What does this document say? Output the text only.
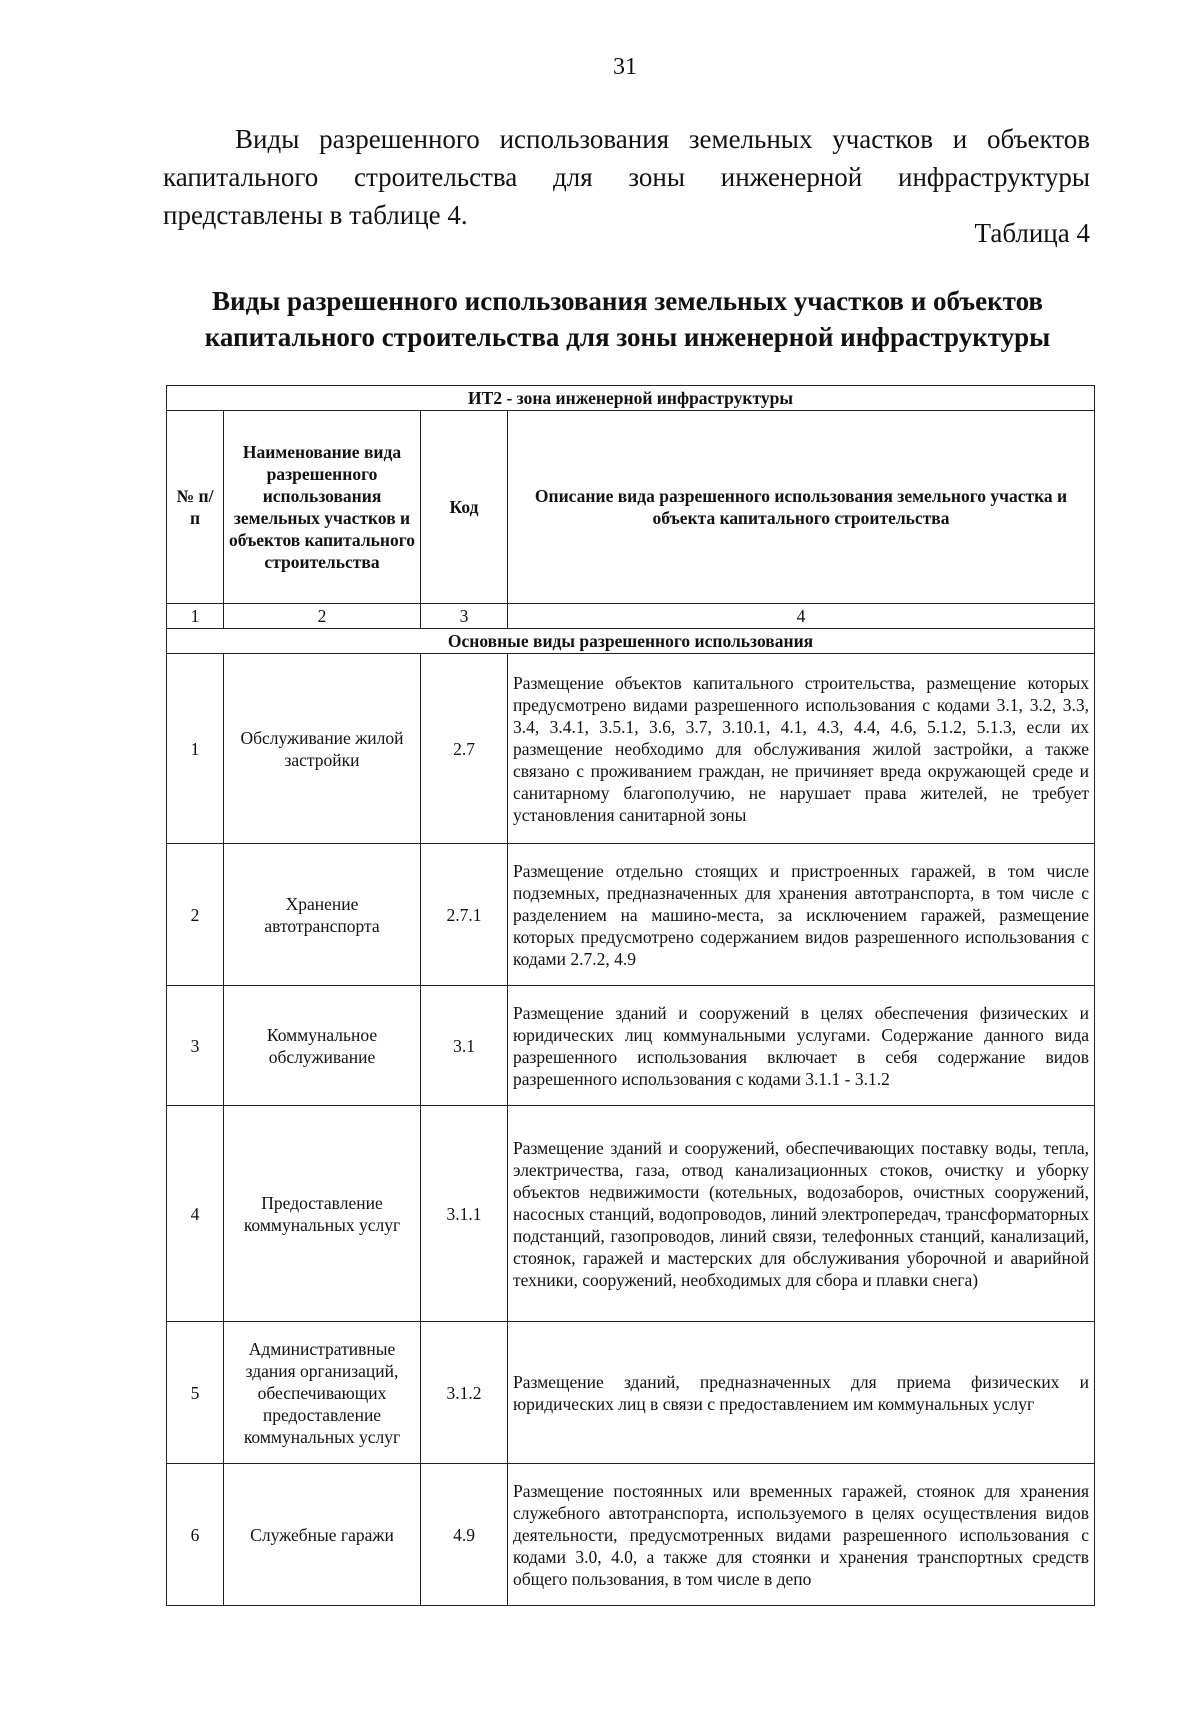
31

Виды разрешенного использования земельных участков и объектов капитального строительства для зоны инженерной инфраструктуры представлены в таблице 4.

Таблица 4
Виды разрешенного использования земельных участков и объектов капитального строительства для зоны инженерной инфраструктуры
ИТ2 - зона инженерной инфраструктуры			
№ п/п	Наименование вида разрешенного использования земельных участков и объектов капитального строительства	Код	Описание вида разрешенного использования земельного участка и объекта капитального строительства
1	2	3	4
Основные виды разрешенного использования			
1	Обслуживание жилой застройки	2.7	Размещение объектов капитального строительства, размещение которых предусмотрено видами разрешенного использования с кодами 3.1, 3.2, 3.3, 3.4, 3.4.1, 3.5.1, 3.6, 3.7, 3.10.1, 4.1, 4.3, 4.4, 4.6, 5.1.2, 5.1.3, если их размещение необходимо для обслуживания жилой застройки, а также связано с проживанием граждан, не причиняет вреда окружающей среде и санитарному благополучию, не нарушает права жителей, не требует установления санитарной зоны
2	Хранение автотранспорта	2.7.1	Размещение отдельно стоящих и пристроенных гаражей, в том числе подземных, предназначенных для хранения автотранспорта, в том числе с разделением на машино-места, за исключением гаражей, размещение которых предусмотрено содержанием видов разрешенного использования с кодами 2.7.2, 4.9
3	Коммунальное обслуживание	3.1	Размещение зданий и сооружений в целях обеспечения физических и юридических лиц коммунальными услугами. Содержание данного вида разрешенного использования включает в себя содержание видов разрешенного использования с кодами 3.1.1 - 3.1.2
4	Предоставление коммунальных услуг	3.1.1	Размещение зданий и сооружений, обеспечивающих поставку воды, тепла, электричества, газа, отвод канализационных стоков, очистку и уборку объектов недвижимости (котельных, водозаборов, очистных сооружений, насосных станций, водопроводов, линий электропередач, трансформаторных подстанций, газопроводов, линий связи, телефонных станций, канализаций, стоянок, гаражей и мастерских для обслуживания уборочной и аварийной техники, сооружений, необходимых для сбора и плавки снега)
5	Административные здания организаций, обеспечивающих предоставление коммунальных услуг	3.1.2	Размещение зданий, предназначенных для приема физических и юридических лиц в связи с предоставлением им коммунальных услуг
6	Служебные гаражи	4.9	Размещение постоянных или временных гаражей, стоянок для хранения служебного автотранспорта, используемого в целях осуществления видов деятельности, предусмотренных видами разрешенного использования с кодами 3.0, 4.0, а также для стоянки и хранения транспортных средств общего пользования, в том числе в депо
